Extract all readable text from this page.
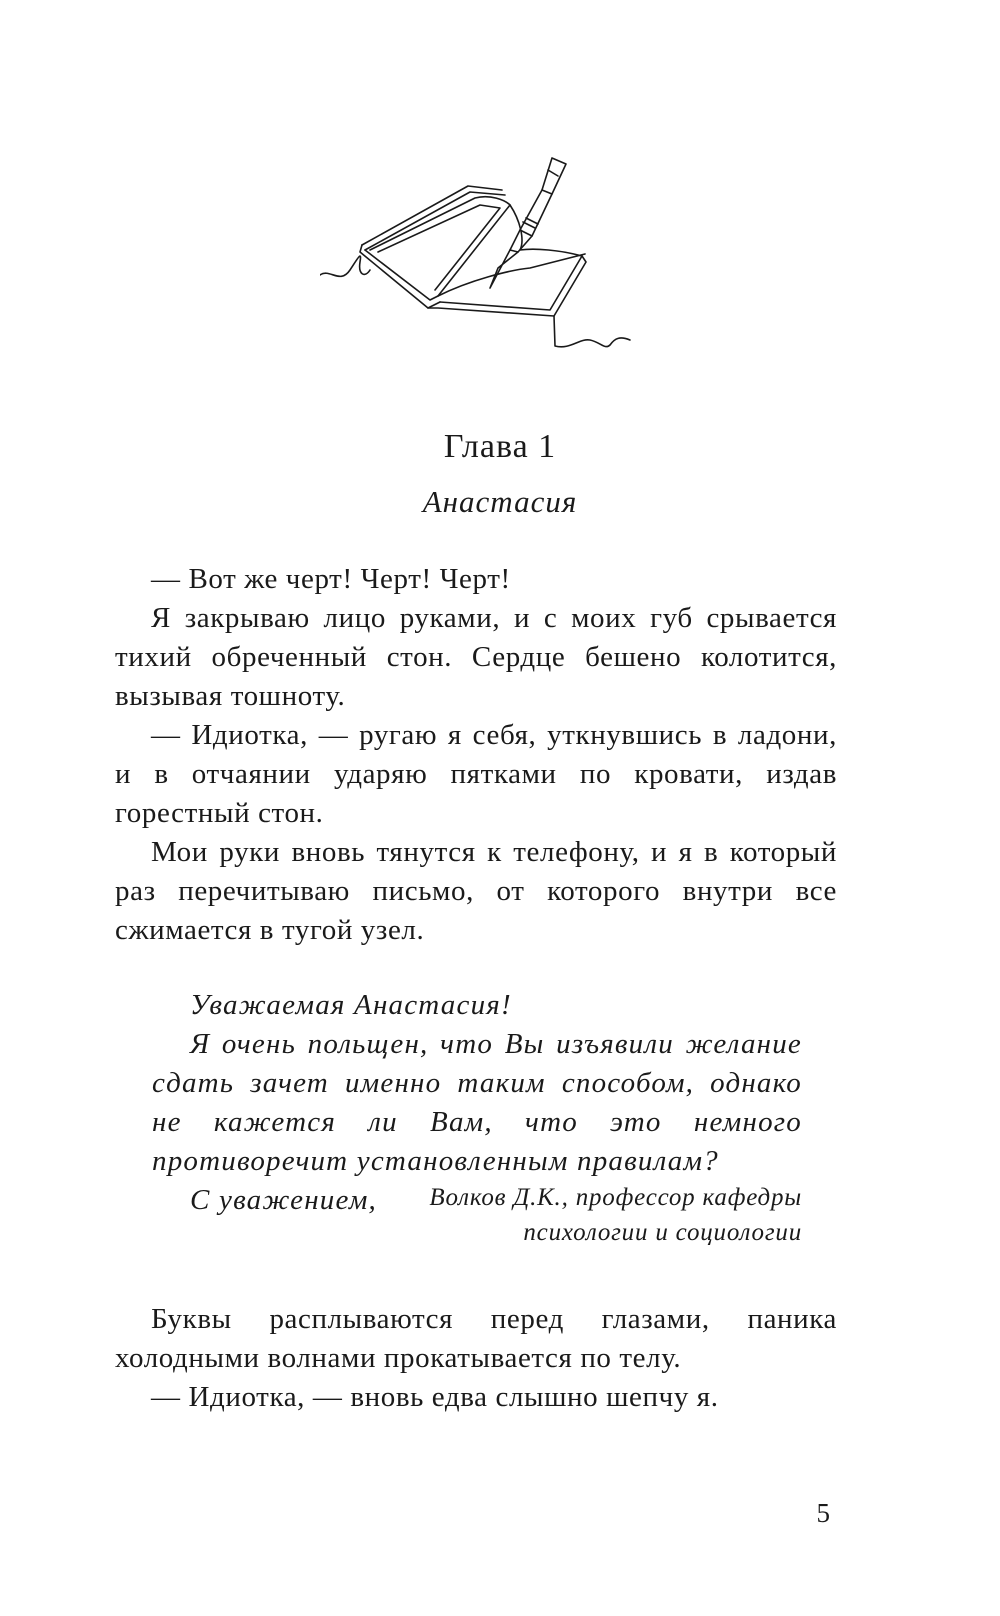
Глава 1
Анастасия

— Вот же черт! Черт! Черт!

Я закрываю лицо руками, и с моих губ срывается тихий обреченный стон. Сердце бешено колотится, вызывая тошноту.

— Идиотка, — ругаю я себя, уткнувшись в ладони, и в отчаянии ударяю пятками по кровати, издав горестный стон.

Мои руки вновь тянутся к телефону, и я в который раз перечитываю письмо, от которого внутри все сжимается в тугой узел.

Уважаемая Анастасия!

Я очень польщен, что Вы изъявили желание сдать зачет именно таким способом, однако не кажется ли Вам, что это немного противоречит установленным правилам?

С уважением,	Волков Д.К., профессор кафедры
психологии и социологии

Буквы расплываются перед глазами, паника холодными волнами прокатывается по телу.

— Идиотка, — вновь едва слышно шепчу я.

5
